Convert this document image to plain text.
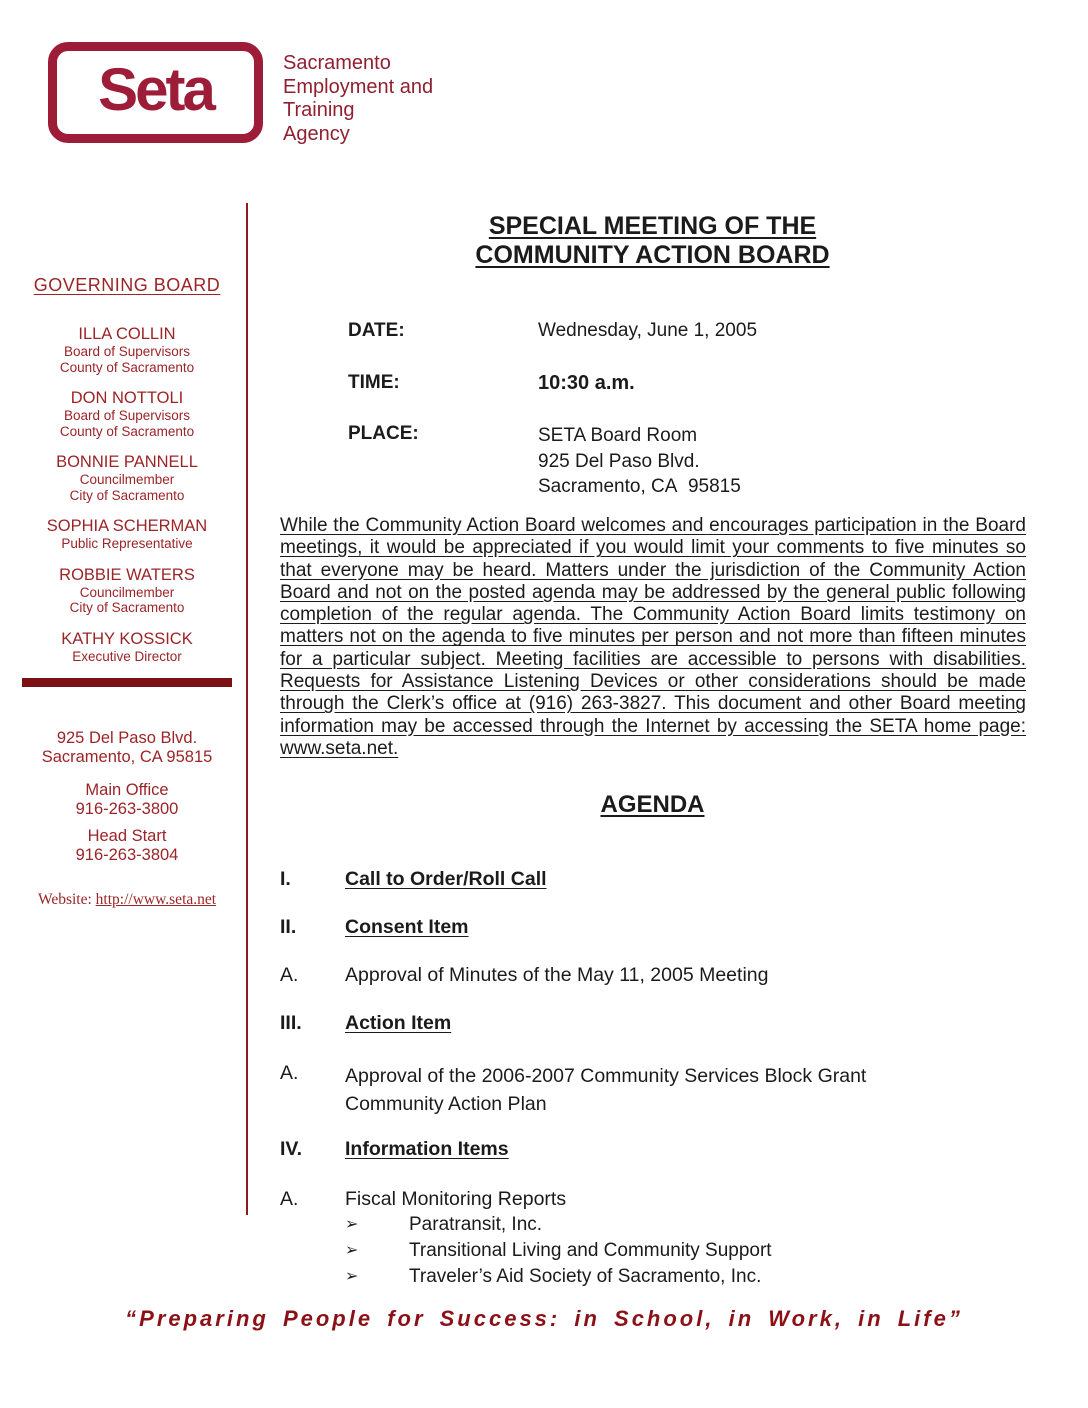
Seta	Sacramento
Employment and
Training
Agency
GOVERNING BOARD
ILLA COLLIN
Board of Supervisors
County of Sacramento
DON NOTTOLI
Board of Supervisors
County of Sacramento
BONNIE PANNELL
Councilmember
City of Sacramento
SOPHIA SCHERMAN
Public Representative
ROBBIE WATERS
Councilmember
City of Sacramento
KATHY KOSSICK
Executive Director
925 Del Paso Blvd.
Sacramento, CA 95815
Main Office
916-263-3800
Head Start
916-263-3804
Website: http://www.seta.net
SPECIAL MEETING OF THE
COMMUNITY ACTION BOARD
DATE:	Wednesday, June 1, 2005
TIME:	10:30 a.m.
PLACE:	SETA Board Room
925 Del Paso Blvd.
Sacramento, CA  95815
While the Community Action Board welcomes and encourages participation in the Board meetings, it would be appreciated if you would limit your comments to five minutes so that everyone may be heard. Matters under the jurisdiction of the Community Action Board and not on the posted agenda may be addressed by the general public following completion of the regular agenda. The Community Action Board limits testimony on matters not on the agenda to five minutes per person and not more than fifteen minutes for a particular subject. Meeting facilities are accessible to persons with disabilities. Requests for Assistance Listening Devices or other considerations should be made through the Clerk’s office at (916) 263-3827. This document and other Board meeting information may be accessed through the Internet by accessing the SETA home page: www.seta.net.
AGENDA
I.	Call to Order/Roll Call
II.	Consent Item
A.	Approval of Minutes of the May 11, 2005 Meeting
III.	Action Item
A.	Approval of the 2006-2007 Community Services Block Grant
Community Action Plan
IV.	Information Items
A.	Fiscal Monitoring Reports
➢	Paratransit, Inc.
➢	Transitional Living and Community Support
➢	Traveler’s Aid Society of Sacramento, Inc.
“Preparing People for Success: in School, in Work, in Life”
